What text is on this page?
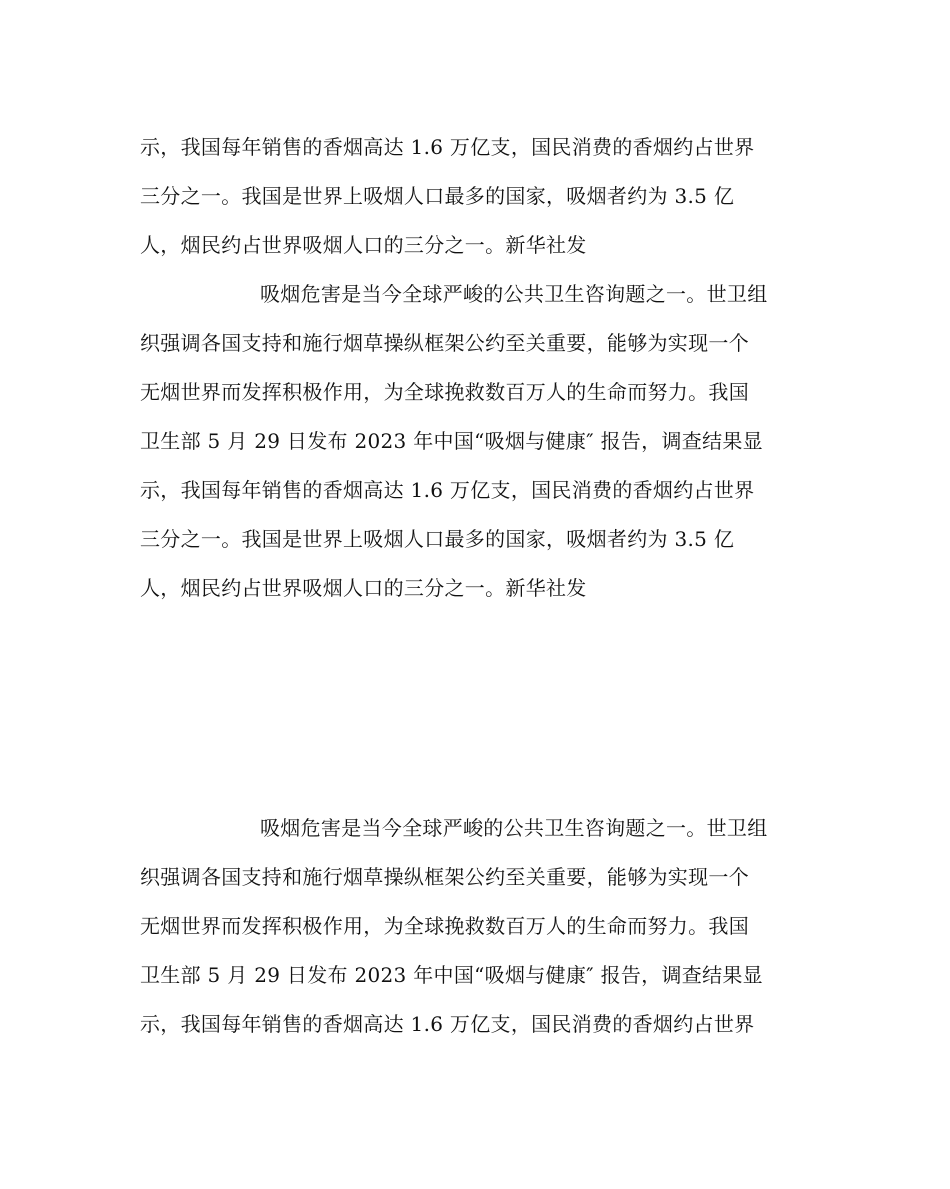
示，我国每年销售的香烟高达 1.6 万亿支，国民消费的香烟约占世界
三分之一。我国是世界上吸烟人口最多的国家，吸烟者约为 3.5 亿
人，烟民约占世界吸烟人口的三分之一。新华社发
吸烟危害是当今全球严峻的公共卫生咨询题之一。世卫组
织强调各国支持和施行烟草操纵框架公约至关重要，能够为实现一个
无烟世界而发挥积极作用，为全球挽救数百万人的生命而努力。我国
卫生部 5 月 29 日发布 2023 年中国“吸烟与健康″ 报告，调查结果显
示，我国每年销售的香烟高达 1.6 万亿支，国民消费的香烟约占世界
三分之一。我国是世界上吸烟人口最多的国家，吸烟者约为 3.5 亿
人，烟民约占世界吸烟人口的三分之一。新华社发
吸烟危害是当今全球严峻的公共卫生咨询题之一。世卫组
织强调各国支持和施行烟草操纵框架公约至关重要，能够为实现一个
无烟世界而发挥积极作用，为全球挽救数百万人的生命而努力。我国
卫生部 5 月 29 日发布 2023 年中国“吸烟与健康″ 报告，调查结果显
示，我国每年销售的香烟高达 1.6 万亿支，国民消费的香烟约占世界
